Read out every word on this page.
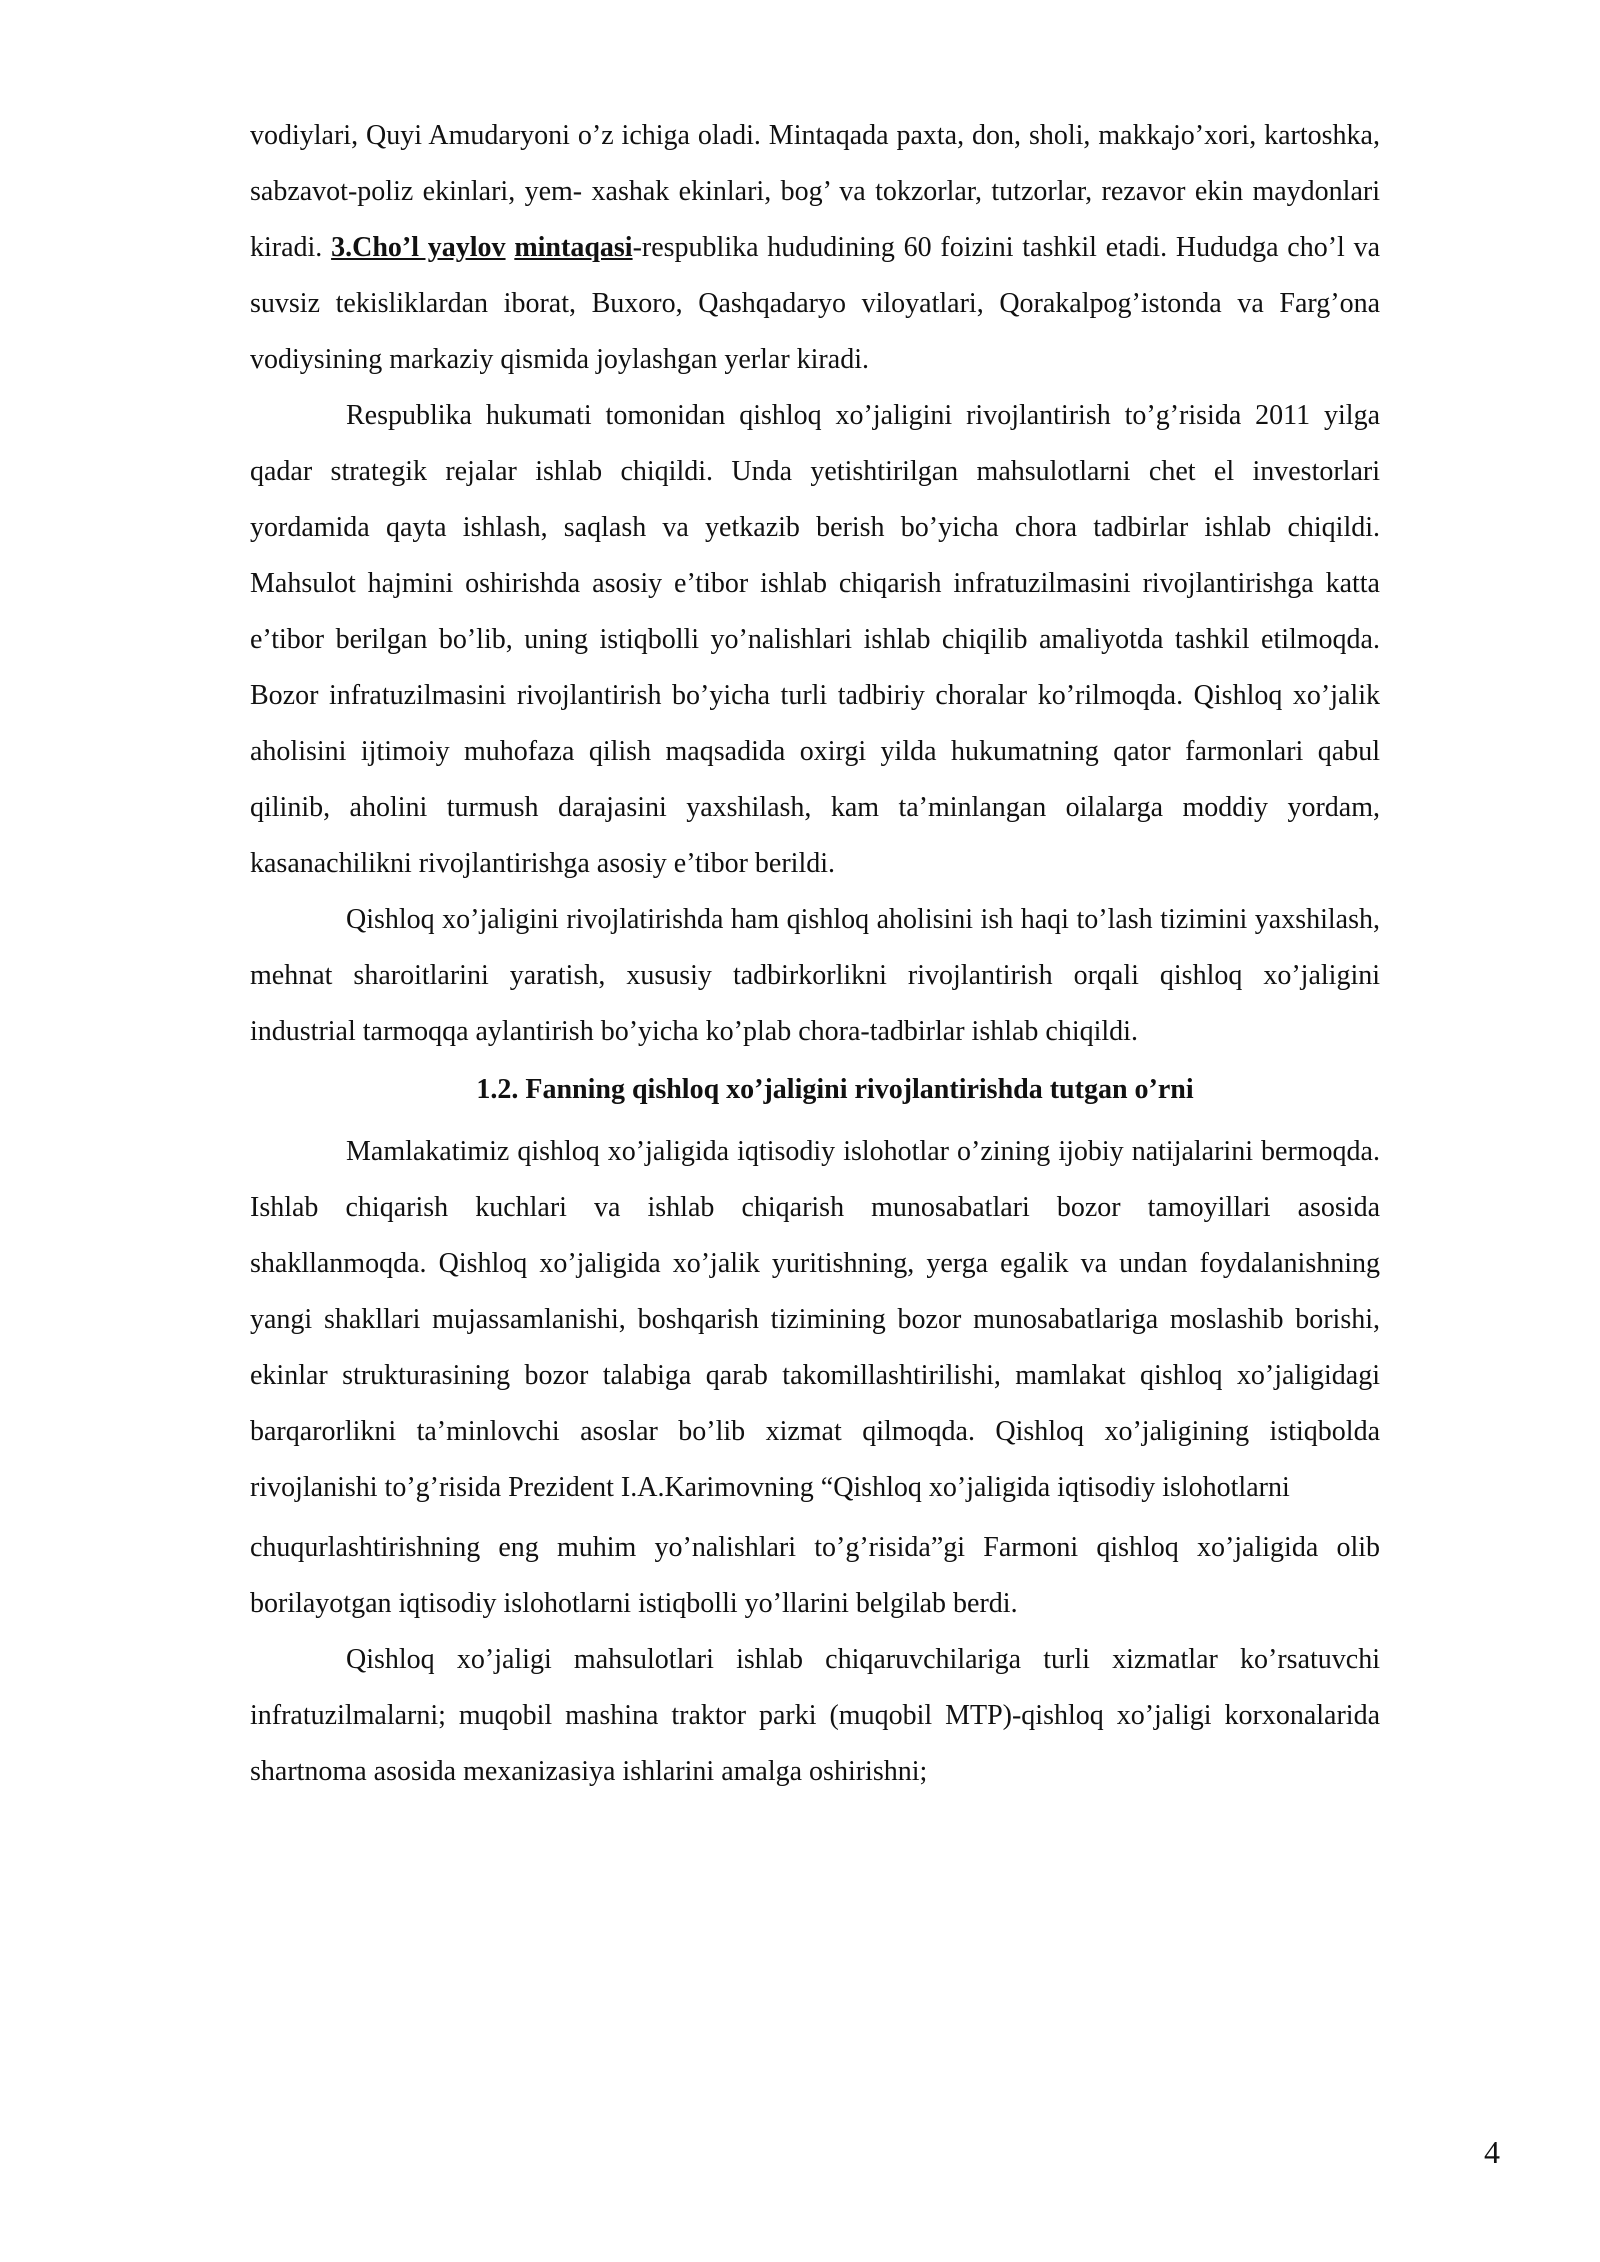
vodiylari, Quyi Amudaryoni o’z ichiga oladi. Mintaqada paxta, don, sholi, makkajo’xori, kartoshka, sabzavot-poliz ekinlari, yem- xashak ekinlari, bog’ va tokzorlar, tutzorlar, rezavor ekin maydonlari kiradi. 3.Cho’l yaylov mintaqasi-respublika hududining 60 foizini tashkil etadi. Hududga cho’l va suvsiz tekisliklardan iborat, Buxoro, Qashqadaryo viloyatlari, Qorakalpog’istonda va Farg’ona vodiysining markaziy qismida joylashgan yerlar kiradi.

Respublika hukumati tomonidan qishloq xo’jaligini rivojlantirish to’g’risida 2011 yilga qadar strategik rejalar ishlab chiqildi. Unda yetishtirilgan mahsulotlarni chet el investorlari yordamida qayta ishlash, saqlash va yetkazib berish bo’yicha chora tadbirlar ishlab chiqildi. Mahsulot hajmini oshirishda asosiy e’tibor ishlab chiqarish infratuzilmasini rivojlantirishga katta e’tibor berilgan bo’lib, uning istiqbolli yo’nalishlari ishlab chiqilib amaliyotda tashkil etilmoqda. Bozor infratuzilmasini rivojlantirish bo’yicha turli tadbiriy choralar ko’rilmoqda. Qishloq xo’jalik aholisini ijtimoiy muhofaza qilish maqsadida oxirgi yilda hukumatning qator farmonlari qabul qilinib, aholini turmush darajasini yaxshilash, kam ta’minlangan oilalarga moddiy yordam, kasanachilikni rivojlantirishga asosiy e’tibor berildi.

Qishloq xo’jaligini rivojlatirishda ham qishloq aholisini ish haqi to’lash tizimini yaxshilash, mehnat sharoitlarini yaratish, xususiy tadbirkorlikni rivojlantirish orqali qishloq xo’jaligini industrial tarmoqqa aylantirish bo’yicha ko’plab chora-tadbirlar ishlab chiqildi.

1.2. Fanning qishloq xo’jaligini rivojlantirishda tutgan o’rni

Mamlakatimiz qishloq xo’jaligida iqtisodiy islohotlar o’zining ijobiy natijalarini bermoqda. Ishlab chiqarish kuchlari va ishlab chiqarish munosabatlari bozor tamoyillari asosida shakllanmoqda. Qishloq xo’jaligida xo’jalik yuritishning, yerga egalik va undan foydalanishning yangi shakllari mujassamlanishi, boshqarish tizimining bozor munosabatlariga moslashib borishi, ekinlar strukturasining bozor talabiga qarab takomillashtirilishi, mamlakat qishloq xo’jaligidagi barqarorlikni ta’minlovchi asoslar bo’lib xizmat qilmoqda. Qishloq xo’jaligining istiqbolda rivojlanishi to’g’risida Prezident I.A.Karimovning “Qishloq xo’jaligida iqtisodiy islohotlarni

chuqurlashtirishning eng muhim yo’nalishlari to’g’risida”gi Farmoni qishloq xo’jaligida olib borilayotgan iqtisodiy islohotlarni istiqbolli yo’llarini belgilab berdi.

Qishloq xo’jaligi mahsulotlari ishlab chiqaruvchilariga turli xizmatlar ko’rsatuvchi infratuzilmalarni; muqobil mashina traktor parki (muqobil MTP)-qishloq xo’jaligi korxonalarida shartnoma asosida mexanizasiya ishlarini amalga oshirishni;

4
